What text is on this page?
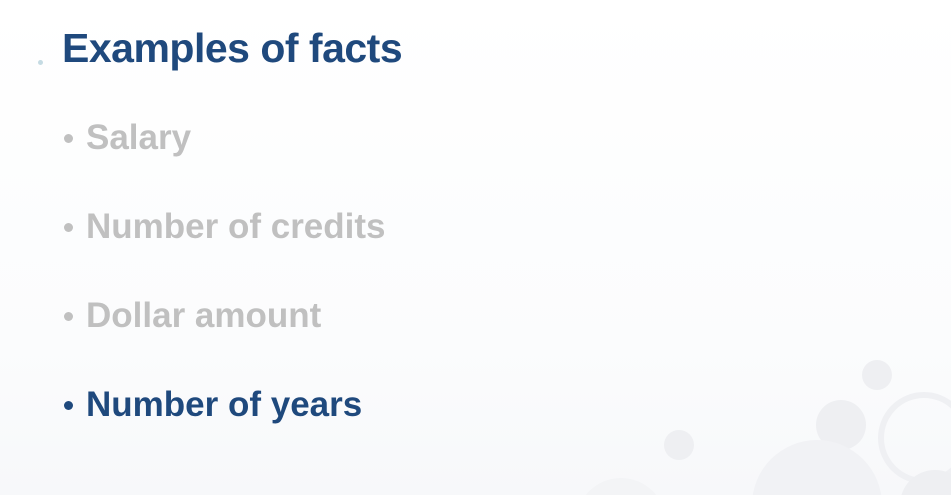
Examples of facts
Salary
Number of credits
Dollar amount
Number of years
